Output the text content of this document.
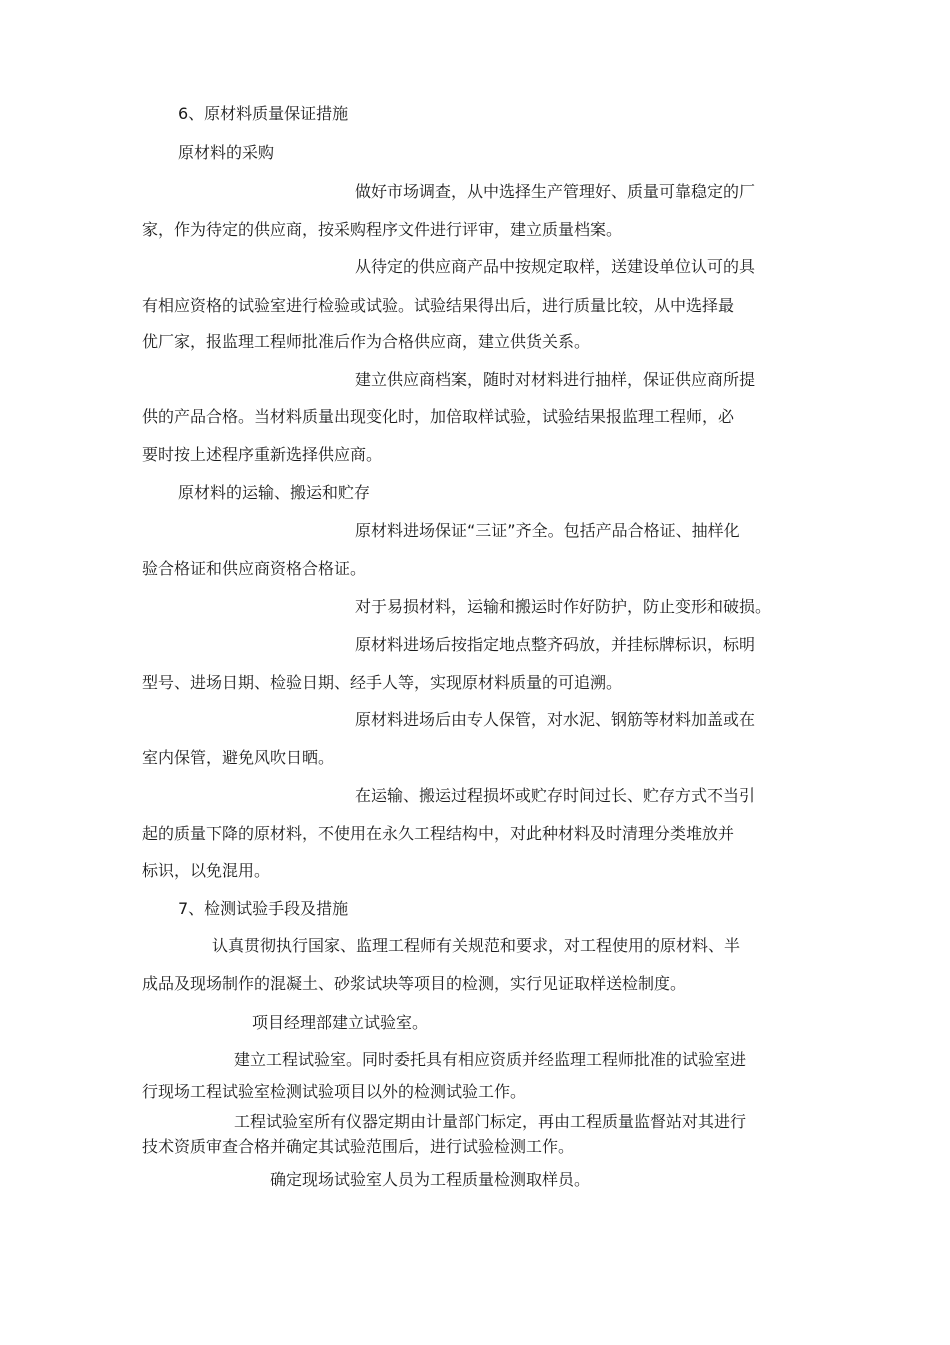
6、原材料质量保证措施
原材料的采购
做好市场调查，从中选择生产管理好、质量可靠稳定的厂
家，作为待定的供应商，按采购程序文件进行评审，建立质量档案。
从待定的供应商产品中按规定取样，送建设单位认可的具
有相应资格的试验室进行检验或试验。试验结果得出后，进行质量比较，从中选择最
优厂家，报监理工程师批准后作为合格供应商，建立供货关系。
建立供应商档案，随时对材料进行抽样，保证供应商所提
供的产品合格。当材料质量出现变化时，加倍取样试验，试验结果报监理工程师，必
要时按上述程序重新选择供应商。
原材料的运输、搬运和贮存
原材料进场保证“三证”齐全。包括产品合格证、抽样化
验合格证和供应商资格合格证。
对于易损材料，运输和搬运时作好防护，防止变形和破损。
原材料进场后按指定地点整齐码放，并挂标牌标识，标明
型号、进场日期、检验日期、经手人等，实现原材料质量的可追溯。
原材料进场后由专人保管，对水泥、钢筋等材料加盖或在
室内保管，避免风吹日晒。
在运输、搬运过程损坏或贮存时间过长、贮存方式不当引
起的质量下降的原材料，不使用在永久工程结构中，对此种材料及时清理分类堆放并
标识，以免混用。
7、检测试验手段及措施
认真贯彻执行国家、监理工程师有关规范和要求，对工程使用的原材料、半
成品及现场制作的混凝土、砂浆试块等项目的检测，实行见证取样送检制度。
项目经理部建立试验室。
建立工程试验室。同时委托具有相应资质并经监理工程师批准的试验室进
行现场工程试验室检测试验项目以外的检测试验工作。
工程试验室所有仪器定期由计量部门标定，再由工程质量监督站对其进行
技术资质审查合格并确定其试验范围后，进行试验检测工作。
确定现场试验室人员为工程质量检测取样员。
